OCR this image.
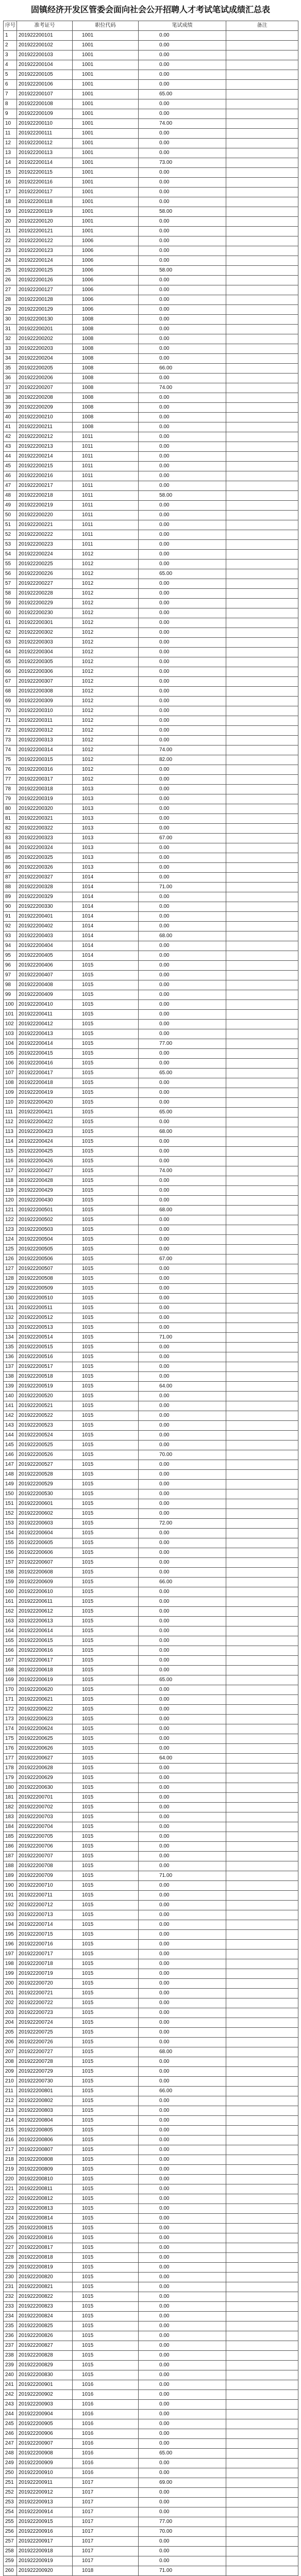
固镇经济开发区管委会面向社会公开招聘人才考试笔试成绩汇总表
序号	准考证号	职位代码	笔试成绩	备注
1	201922200101	1001	0.00	
2	201922200102	1001	0.00	
3	201922200103	1001	0.00	
4	201922200104	1001	0.00	
5	201922200105	1001	0.00	
6	201922200106	1001	0.00	
7	201922200107	1001	65.00	
8	201922200108	1001	0.00	
9	201922200109	1001	0.00	
10	201922200110	1001	74.00	
11	201922200111	1001	0.00	
12	201922200112	1001	0.00	
13	201922200113	1001	0.00	
14	201922200114	1001	73.00	
15	201922200115	1001	0.00	
16	201922200116	1001	0.00	
17	201922200117	1001	0.00	
18	201922200118	1001	0.00	
19	201922200119	1001	58.00	
20	201922200120	1001	0.00	
21	201922200121	1001	0.00	
22	201922200122	1006	0.00	
23	201922200123	1006	0.00	
24	201922200124	1006	0.00	
25	201922200125	1006	58.00	
26	201922200126	1006	0.00	
27	201922200127	1006	0.00	
28	201922200128	1006	0.00	
29	201922200129	1006	0.00	
30	201922200130	1008	0.00	
31	201922200201	1008	0.00	
32	201922200202	1008	0.00	
33	201922200203	1008	0.00	
34	201922200204	1008	0.00	
35	201922200205	1008	66.00	
36	201922200206	1008	0.00	
37	201922200207	1008	74.00	
38	201922200208	1008	0.00	
39	201922200209	1008	0.00	
40	201922200210	1008	0.00	
41	201922200211	1008	0.00	
42	201922200212	1011	0.00	
43	201922200213	1011	0.00	
44	201922200214	1011	0.00	
45	201922200215	1011	0.00	
46	201922200216	1011	0.00	
47	201922200217	1011	0.00	
48	201922200218	1011	58.00	
49	201922200219	1011	0.00	
50	201922200220	1011	0.00	
51	201922200221	1011	0.00	
52	201922200222	1011	0.00	
53	201922200223	1011	0.00	
54	201922200224	1012	0.00	
55	201922200225	1012	0.00	
56	201922200226	1012	65.00	
57	201922200227	1012	0.00	
58	201922200228	1012	0.00	
59	201922200229	1012	0.00	
60	201922200230	1012	0.00	
61	201922200301	1012	0.00	
62	201922200302	1012	0.00	
63	201922200303	1012	0.00	
64	201922200304	1012	0.00	
65	201922200305	1012	0.00	
66	201922200306	1012	0.00	
67	201922200307	1012	0.00	
68	201922200308	1012	0.00	
69	201922200309	1012	0.00	
70	201922200310	1012	0.00	
71	201922200311	1012	0.00	
72	201922200312	1012	0.00	
73	201922200313	1012	0.00	
74	201922200314	1012	74.00	
75	201922200315	1012	82.00	
76	201922200316	1012	0.00	
77	201922200317	1012	0.00	
78	201922200318	1013	0.00	
79	201922200319	1013	0.00	
80	201922200320	1013	0.00	
81	201922200321	1013	0.00	
82	201922200322	1013	0.00	
83	201922200323	1013	67.00	
84	201922200324	1013	0.00	
85	201922200325	1013	0.00	
86	201922200326	1013	0.00	
87	201922200327	1014	0.00	
88	201922200328	1014	71.00	
89	201922200329	1014	0.00	
90	201922200330	1014	0.00	
91	201922200401	1014	0.00	
92	201922200402	1014	0.00	
93	201922200403	1014	68.00	
94	201922200404	1014	0.00	
95	201922200405	1014	0.00	
96	201922200406	1015	0.00	
97	201922200407	1015	0.00	
98	201922200408	1015	0.00	
99	201922200409	1015	0.00	
100	201922200410	1015	0.00	
101	201922200411	1015	0.00	
102	201922200412	1015	0.00	
103	201922200413	1015	0.00	
104	201922200414	1015	77.00	
105	201922200415	1015	0.00	
106	201922200416	1015	0.00	
107	201922200417	1015	65.00	
108	201922200418	1015	0.00	
109	201922200419	1015	0.00	
110	201922200420	1015	0.00	
111	201922200421	1015	65.00	
112	201922200422	1015	0.00	
113	201922200423	1015	68.00	
114	201922200424	1015	0.00	
115	201922200425	1015	0.00	
116	201922200426	1015	0.00	
117	201922200427	1015	74.00	
118	201922200428	1015	0.00	
119	201922200429	1015	0.00	
120	201922200430	1015	0.00	
121	201922200501	1015	68.00	
122	201922200502	1015	0.00	
123	201922200503	1015	0.00	
124	201922200504	1015	0.00	
125	201922200505	1015	0.00	
126	201922200506	1015	67.00	
127	201922200507	1015	0.00	
128	201922200508	1015	0.00	
129	201922200509	1015	0.00	
130	201922200510	1015	0.00	
131	201922200511	1015	0.00	
132	201922200512	1015	0.00	
133	201922200513	1015	0.00	
134	201922200514	1015	71.00	
135	201922200515	1015	0.00	
136	201922200516	1015	0.00	
137	201922200517	1015	0.00	
138	201922200518	1015	0.00	
139	201922200519	1015	64.00	
140	201922200520	1015	0.00	
141	201922200521	1015	0.00	
142	201922200522	1015	0.00	
143	201922200523	1015	0.00	
144	201922200524	1015	0.00	
145	201922200525	1015	0.00	
146	201922200526	1015	70.00	
147	201922200527	1015	0.00	
148	201922200528	1015	0.00	
149	201922200529	1015	0.00	
150	201922200530	1015	0.00	
151	201922200601	1015	0.00	
152	201922200602	1015	0.00	
153	201922200603	1015	72.00	
154	201922200604	1015	0.00	
155	201922200605	1015	0.00	
156	201922200606	1015	0.00	
157	201922200607	1015	0.00	
158	201922200608	1015	0.00	
159	201922200609	1015	66.00	
160	201922200610	1015	0.00	
161	201922200611	1015	0.00	
162	201922200612	1015	0.00	
163	201922200613	1015	0.00	
164	201922200614	1015	0.00	
165	201922200615	1015	0.00	
166	201922200616	1015	0.00	
167	201922200617	1015	0.00	
168	201922200618	1015	0.00	
169	201922200619	1015	65.00	
170	201922200620	1015	0.00	
171	201922200621	1015	0.00	
172	201922200622	1015	0.00	
173	201922200623	1015	0.00	
174	201922200624	1015	0.00	
175	201922200625	1015	0.00	
176	201922200626	1015	0.00	
177	201922200627	1015	64.00	
178	201922200628	1015	0.00	
179	201922200629	1015	0.00	
180	201922200630	1015	0.00	
181	201922200701	1015	0.00	
182	201922200702	1015	0.00	
183	201922200703	1015	0.00	
184	201922200704	1015	0.00	
185	201922200705	1015	0.00	
186	201922200706	1015	0.00	
187	201922200707	1015	0.00	
188	201922200708	1015	0.00	
189	201922200709	1015	71.00	
190	201922200710	1015	0.00	
191	201922200711	1015	0.00	
192	201922200712	1015	0.00	
193	201922200713	1015	0.00	
194	201922200714	1015	0.00	
195	201922200715	1015	0.00	
196	201922200716	1015	0.00	
197	201922200717	1015	0.00	
198	201922200718	1015	0.00	
199	201922200719	1015	0.00	
200	201922200720	1015	0.00	
201	201922200721	1015	0.00	
202	201922200722	1015	0.00	
203	201922200723	1015	0.00	
204	201922200724	1015	0.00	
205	201922200725	1015	0.00	
206	201922200726	1015	0.00	
207	201922200727	1015	68.00	
208	201922200728	1015	0.00	
209	201922200729	1015	0.00	
210	201922200730	1015	0.00	
211	201922200801	1015	66.00	
212	201922200802	1015	0.00	
213	201922200803	1015	0.00	
214	201922200804	1015	0.00	
215	201922200805	1015	0.00	
216	201922200806	1015	0.00	
217	201922200807	1015	0.00	
218	201922200808	1015	0.00	
219	201922200809	1015	0.00	
220	201922200810	1015	0.00	
221	201922200811	1015	0.00	
222	201922200812	1015	0.00	
223	201922200813	1015	0.00	
224	201922200814	1015	0.00	
225	201922200815	1015	0.00	
226	201922200816	1015	0.00	
227	201922200817	1015	0.00	
228	201922200818	1015	0.00	
229	201922200819	1015	0.00	
230	201922200820	1015	0.00	
231	201922200821	1015	0.00	
232	201922200822	1015	0.00	
233	201922200823	1015	0.00	
234	201922200824	1015	0.00	
235	201922200825	1015	0.00	
236	201922200826	1015	0.00	
237	201922200827	1015	0.00	
238	201922200828	1015	0.00	
239	201922200829	1015	0.00	
240	201922200830	1015	0.00	
241	201922200901	1016	0.00	
242	201922200902	1016	0.00	
243	201922200903	1016	0.00	
244	201922200904	1016	0.00	
245	201922200905	1016	0.00	
246	201922200906	1016	0.00	
247	201922200907	1016	0.00	
248	201922200908	1016	65.00	
249	201922200909	1016	0.00	
250	201922200910	1016	0.00	
251	201922200911	1017	69.00	
252	201922200912	1017	0.00	
253	201922200913	1017	0.00	
254	201922200914	1017	0.00	
255	201922200915	1017	77.00	
256	201922200916	1017	70.00	
257	201922200917	1017	0.00	
258	201922200918	1017	0.00	
259	201922200919	1017	0.00	
260	201922200920	1018	71.00	
